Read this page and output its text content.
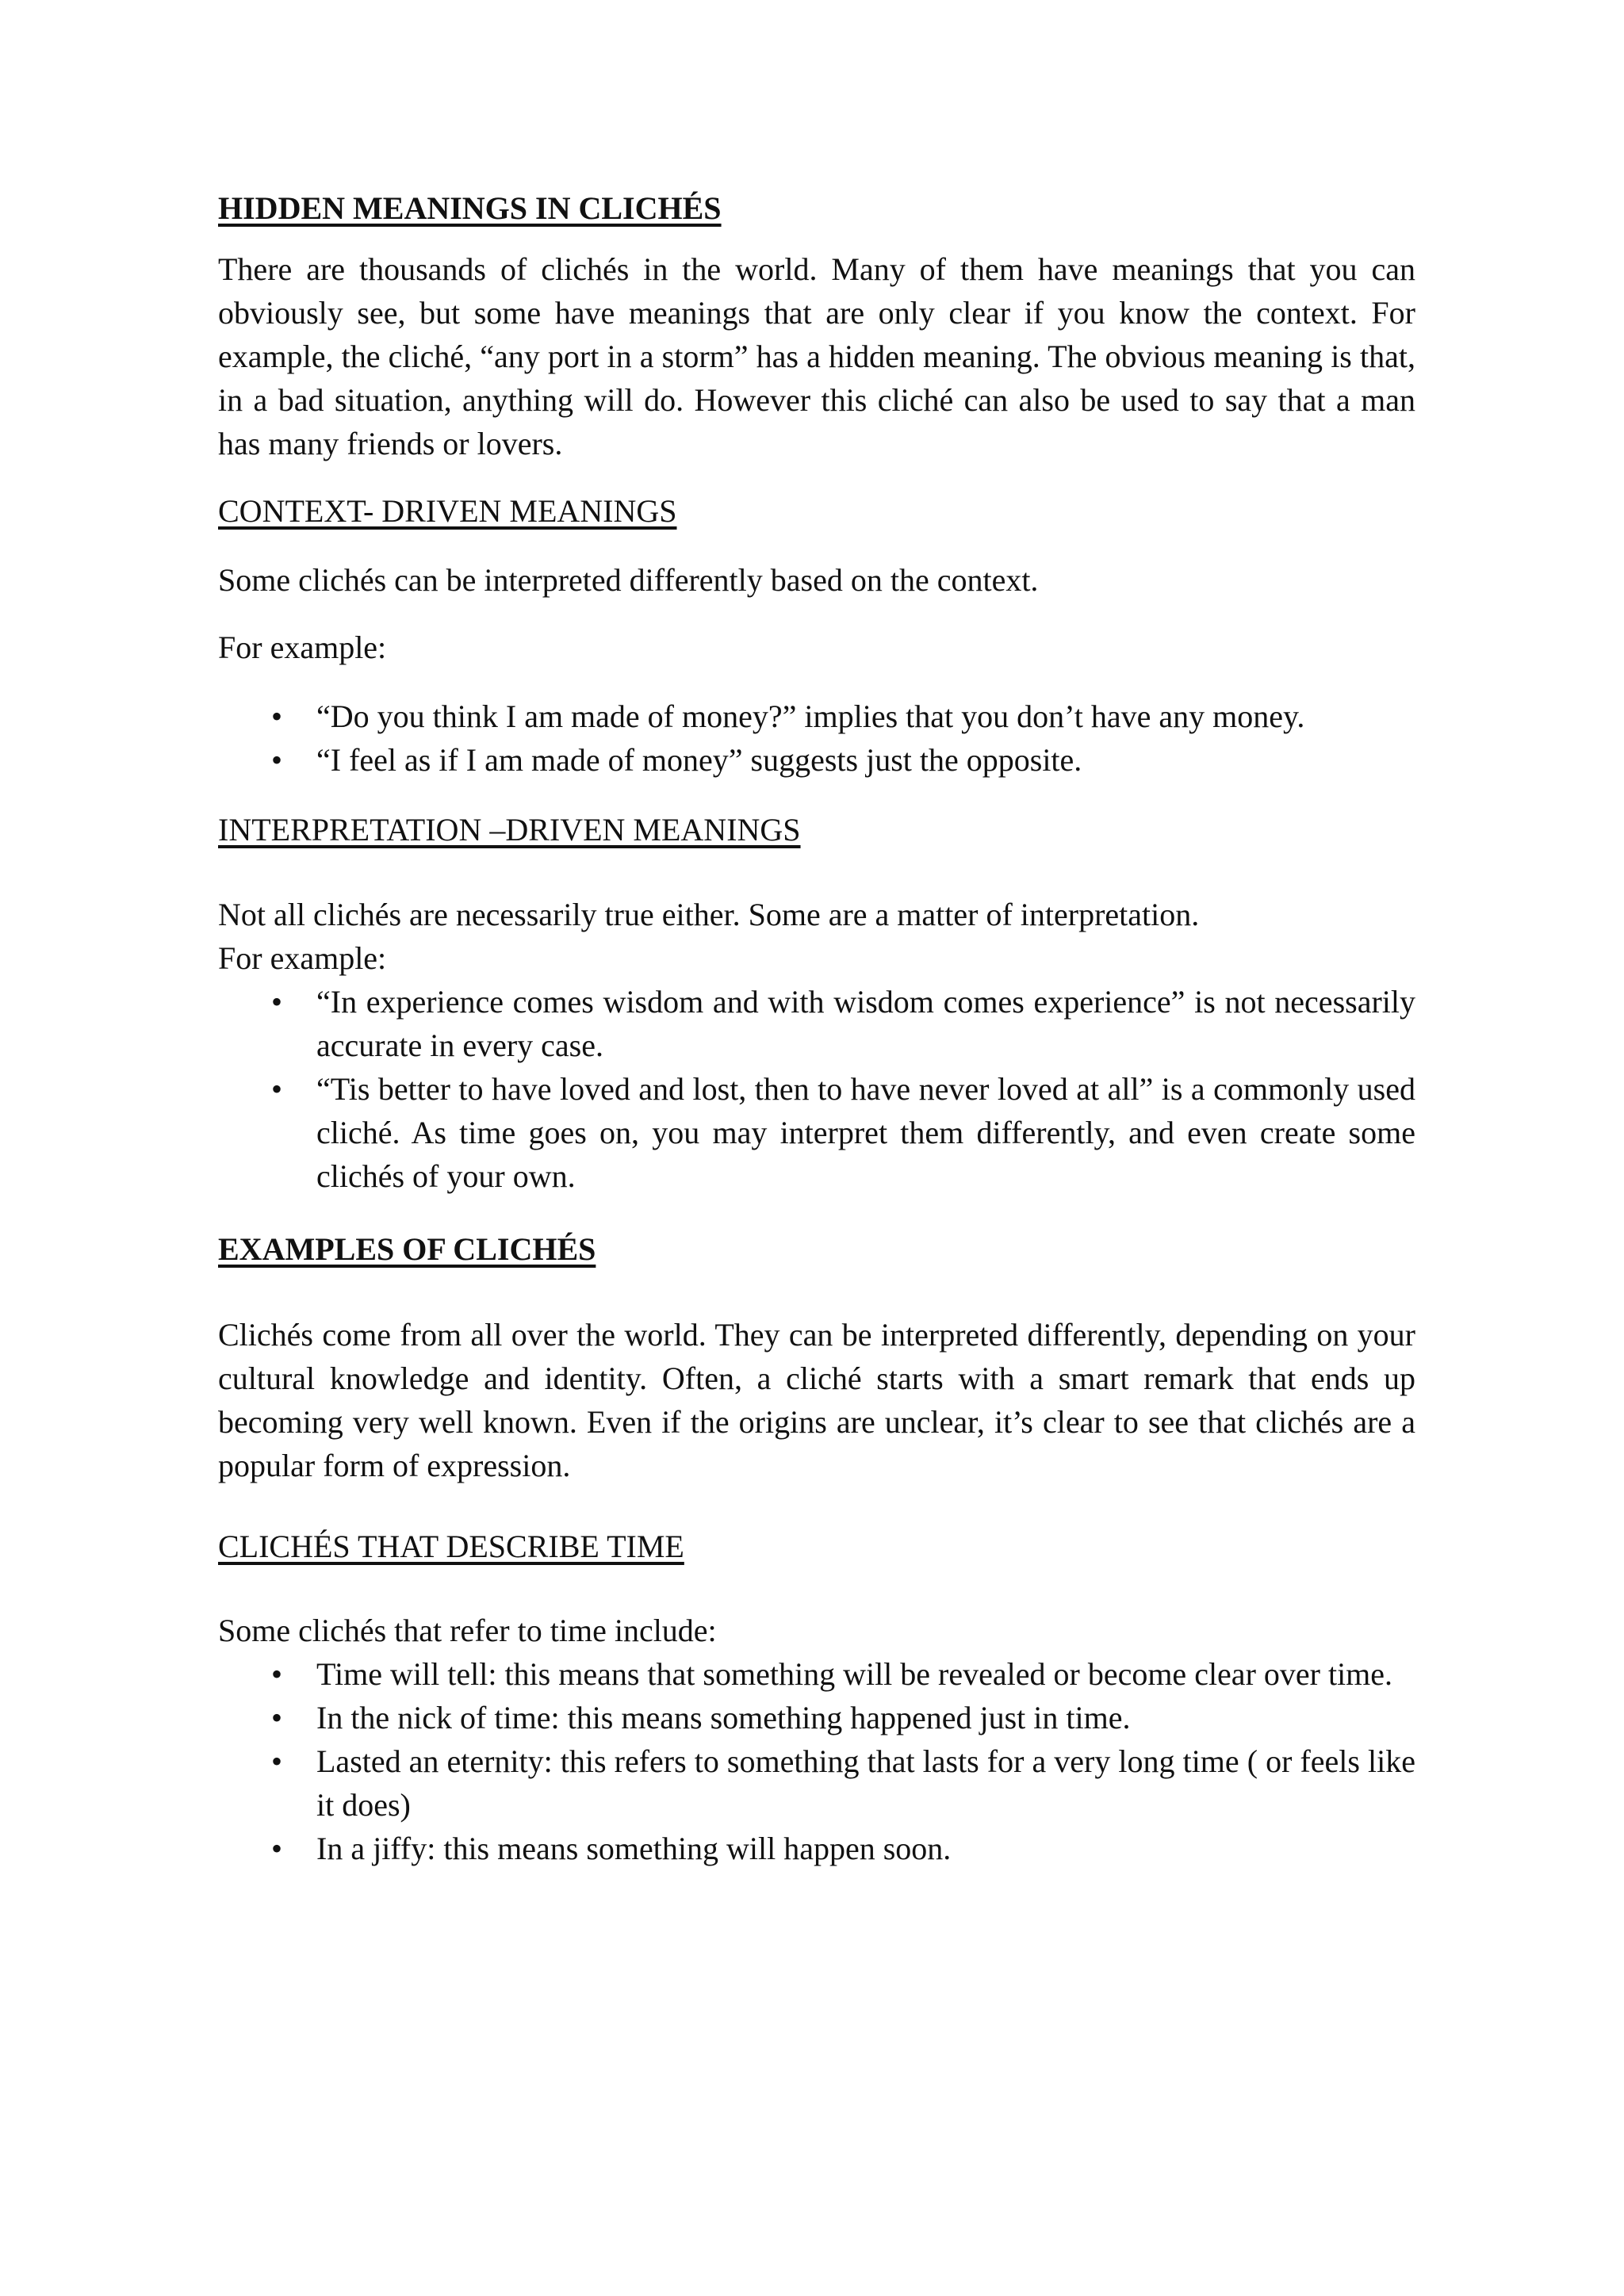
HIDDEN MEANINGS IN CLICHÉS

There are thousands of clichés in the world. Many of them have meanings that you can obviously see, but some have meanings that are only clear if you know the context. For example, the cliché, “any port in a storm” has a hidden meaning. The obvious meaning is that, in a bad situation, anything will do. However this cliché can also be used to say that a man has many friends or lovers.

CONTEXT- DRIVEN MEANINGS

Some clichés can be interpreted differently based on the context.

For example:

• “Do you think I am made of money?” implies that you don’t have any money.
• “I feel as if I am made of money” suggests just the opposite.
INTERPRETATION –DRIVEN MEANINGS

Not all clichés are necessarily true either. Some are a matter of interpretation.

For example:

• “In experience comes wisdom and with wisdom comes experience” is not necessarily accurate in every case.
• “Tis better to have loved and lost, then to have never loved at all” is a commonly used cliché. As time goes on, you may interpret them differently, and even create some clichés of your own.
EXAMPLES OF CLICHÉS

Clichés come from all over the world. They can be interpreted differently, depending on your cultural knowledge and identity. Often, a cliché starts with a smart remark that ends up becoming very well known. Even if the origins are unclear, it’s clear to see that clichés are a popular form of expression.

CLICHÉS THAT DESCRIBE TIME

Some clichés that refer to time include:

• Time will tell: this means that something will be revealed or become clear over time.
• In the nick of time: this means something happened just in time.
• Lasted an eternity: this refers to something that lasts for a very long time ( or feels like it does)
• In a jiffy: this means something will happen soon.
